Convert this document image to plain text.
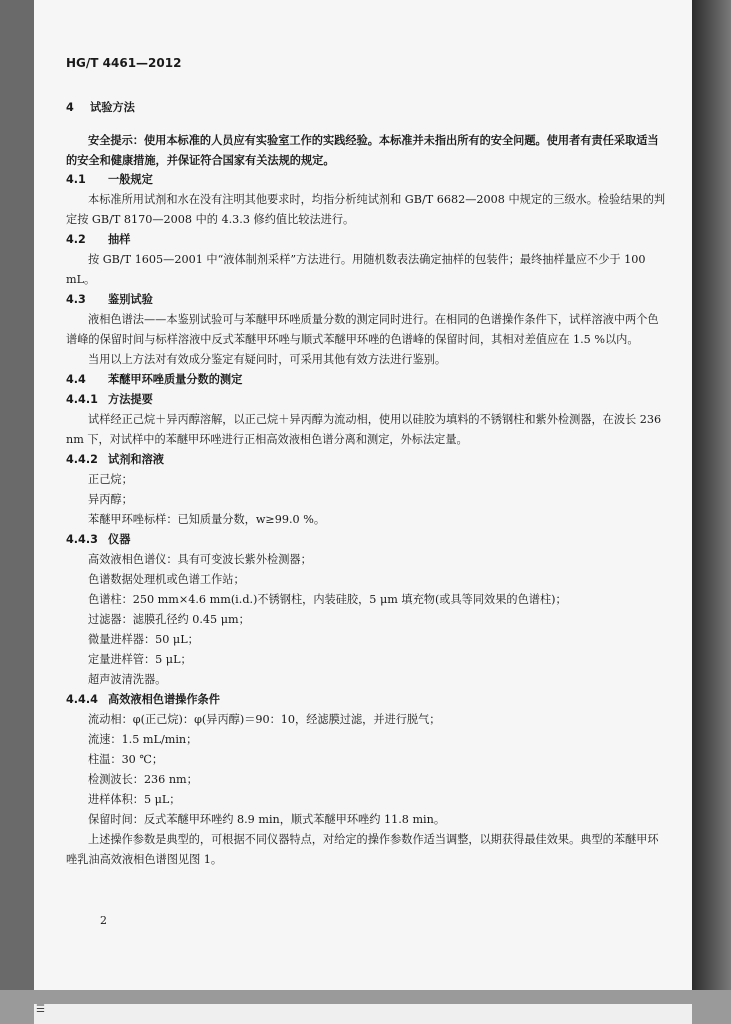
HG/T 4461—2012

4 试验方法

安全提示：使用本标准的人员应有实验室工作的实践经验。本标准并未指出所有的安全问题。使用者有责任采取适当的安全和健康措施，并保证符合国家有关法规的规定。

4.1 一般规定

本标准所用试剂和水在没有注明其他要求时，均指分析纯试剂和 GB/T 6682—2008 中规定的三级水。检验结果的判定按 GB/T 8170—2008 中的 4.3.3 修约值比较法进行。

4.2 抽样

按 GB/T 1605—2001 中“液体制剂采样”方法进行。用随机数表法确定抽样的包装件；最终抽样量应不少于 100 mL。

4.3 鉴别试验

液相色谱法——本鉴别试验可与苯醚甲环唑质量分数的测定同时进行。在相同的色谱操作条件下，试样溶液中两个色谱峰的保留时间与标样溶液中反式苯醚甲环唑与顺式苯醚甲环唑的色谱峰的保留时间，其相对差值应在 1.5 %以内。

当用以上方法对有效成分鉴定有疑问时，可采用其他有效方法进行鉴别。

4.4 苯醚甲环唑质量分数的测定

4.4.1 方法提要

试样经正己烷＋异丙醇溶解，以正己烷＋异丙醇为流动相，使用以硅胶为填料的不锈钢柱和紫外检测器，在波长 236 nm 下，对试样中的苯醚甲环唑进行正相高效液相色谱分离和测定，外标法定量。

4.4.2 试剂和溶液

正己烷；

异丙醇；

苯醚甲环唑标样：已知质量分数，w≥99.0 %。

4.4.3 仪器

高效液相色谱仪：具有可变波长紫外检测器；

色谱数据处理机或色谱工作站；

色谱柱：250 mm×4.6 mm(i.d.)不锈钢柱，内装硅胶，5 μm 填充物(或具等同效果的色谱柱)；

过滤器：滤膜孔径约 0.45 μm；

微量进样器：50 μL；

定量进样管：5 μL；

超声波清洗器。

4.4.4 高效液相色谱操作条件

流动相：φ(正己烷)：φ(异丙醇)＝90：10，经滤膜过滤，并进行脱气；

流速：1.5 mL/min；

柱温：30 ℃；

检测波长：236 nm；

进样体积：5 μL；

保留时间：反式苯醚甲环唑约 8.9 min，顺式苯醚甲环唑约 11.8 min。

上述操作参数是典型的，可根据不同仪器特点，对给定的操作参数作适当调整，以期获得最佳效果。典型的苯醚甲环唑乳油高效液相色谱图见图 1。

2
☰
